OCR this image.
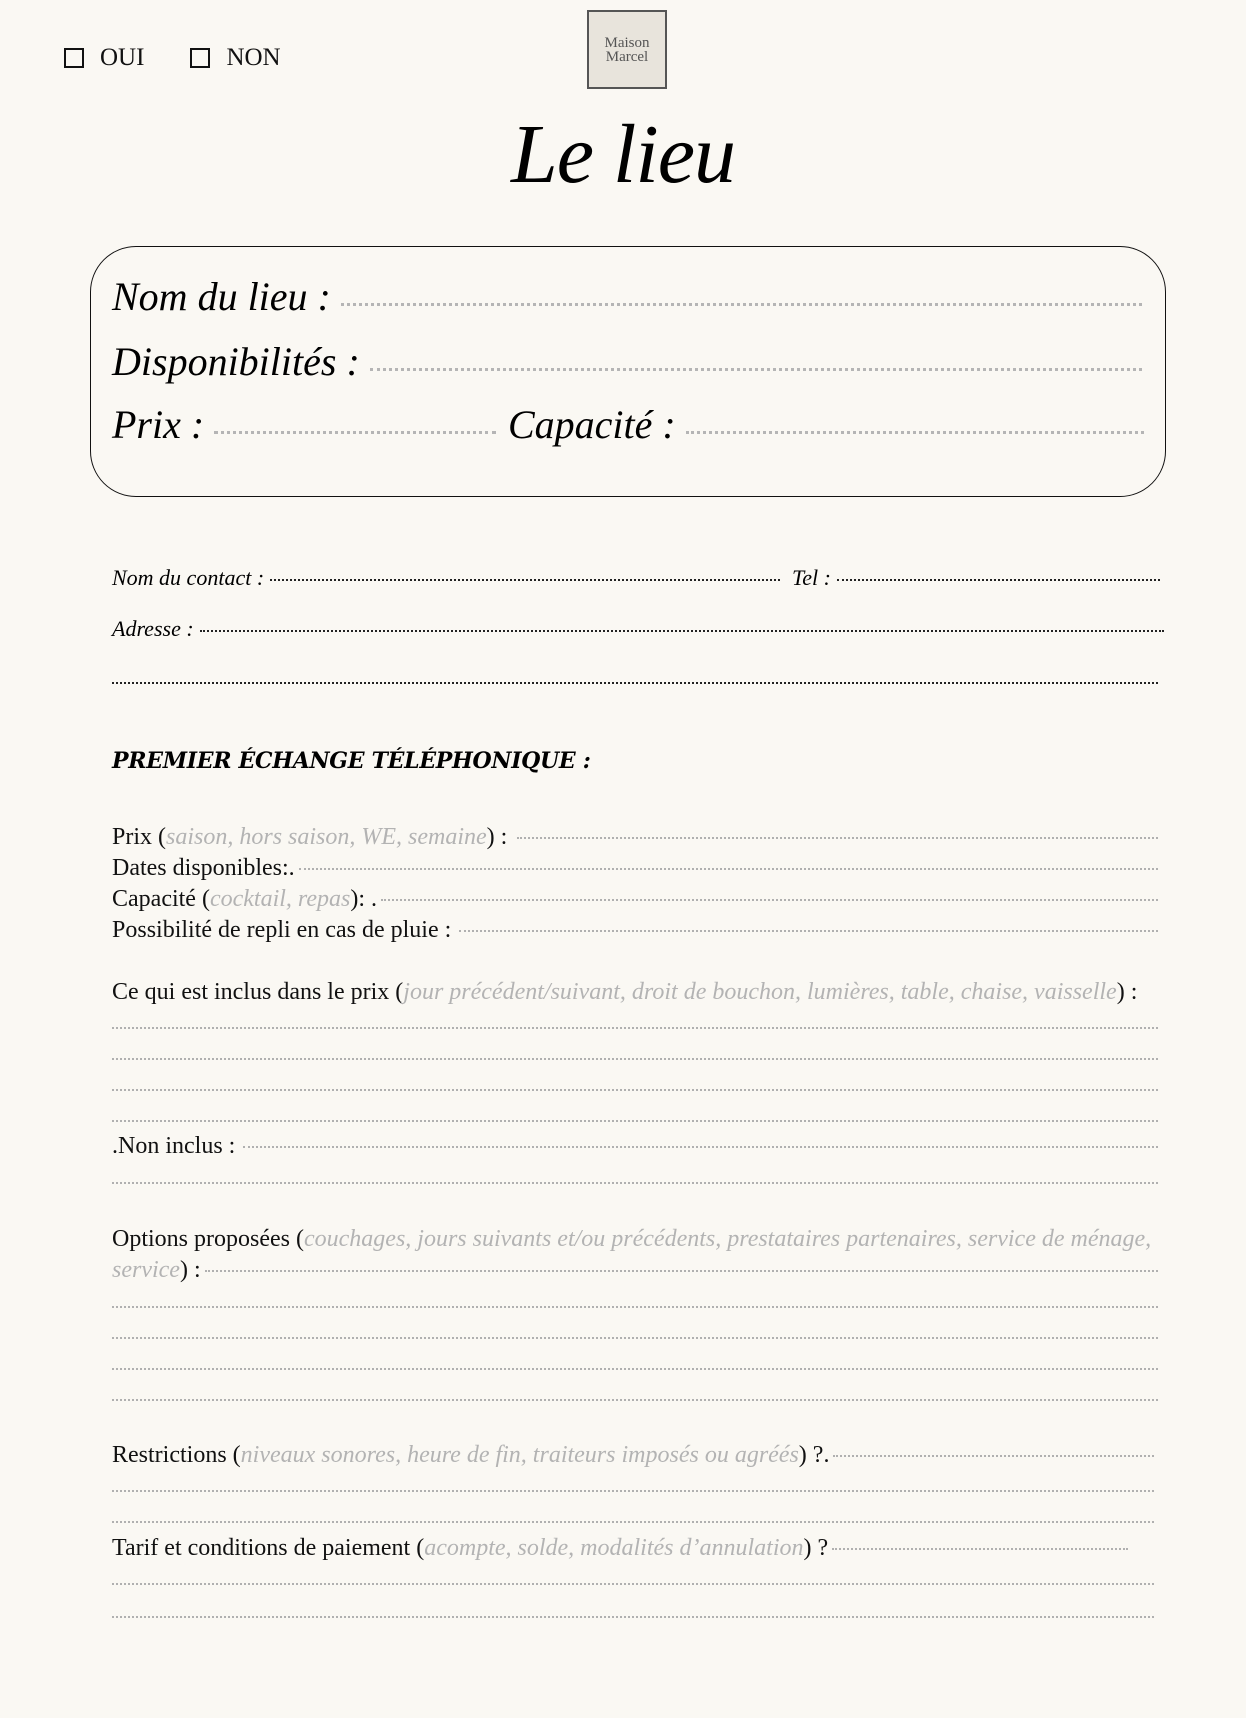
OUI	NON
Maison
Marcel
Le lieu
Nom du lieu :
Disponibilités :
Prix :	Capacité :
Nom du contact :	Tel :
Adresse :
PREMIER ÉCHANGE TÉLÉPHONIQUE :
Prix ( saison, hors saison, WE, semaine ) :
Dates disponibles:.
Capacité ( cocktail, repas ): .
Possibilité de repli en cas de pluie :
Ce qui est inclus dans le prix ( jour précédent/suivant, droit de bouchon, lumières, table, chaise, vaisselle ) :
.Non inclus :
Options proposées ( couchages, jours suivants et/ou précédents, prestataires partenaires, service de ménage,
service ) :
Restrictions ( niveaux sonores, heure de fin, traiteurs imposés ou agréés ) ?.
Tarif et conditions de paiement ( acompte, solde, modalités d’annulation ) ?
